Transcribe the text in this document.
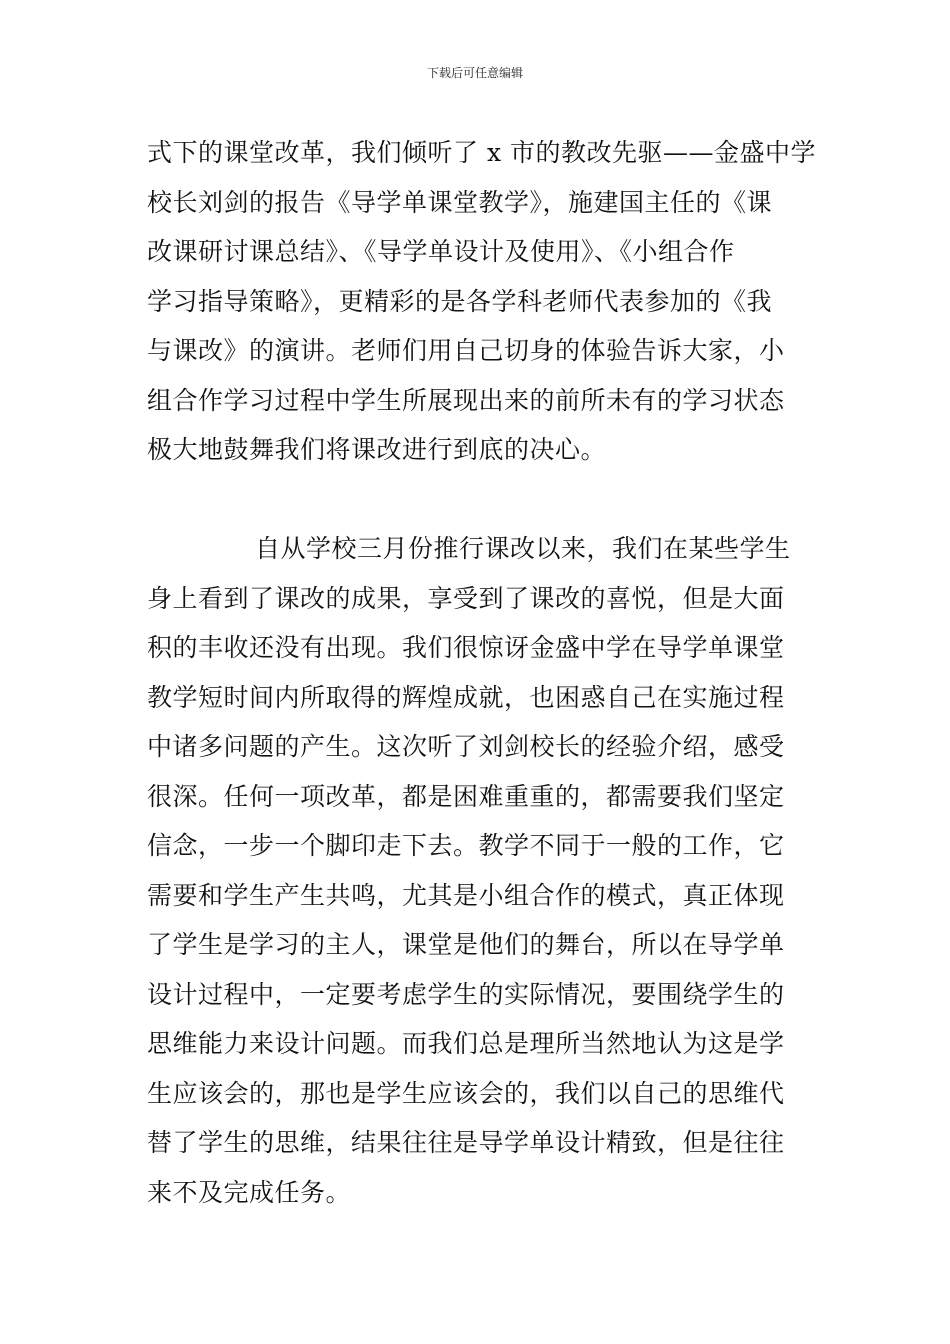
下载后可任意编辑
式下的课堂改革，我们倾听了 x 市的教改先驱——金盛中学
校长刘剑的报告《导学单课堂教学》，施建国主任的《课
改课研讨课总结》、《导学单设计及使用》、《小组合作
学习指导策略》，更精彩的是各学科老师代表参加的《我
与课改》的演讲。老师们用自己切身的体验告诉大家，小
组合作学习过程中学生所展现出来的前所未有的学习状态
极大地鼓舞我们将课改进行到底的决心。
自从学校三月份推行课改以来，我们在某些学生
身上看到了课改的成果，享受到了课改的喜悦，但是大面
积的丰收还没有出现。我们很惊讶金盛中学在导学单课堂
教学短时间内所取得的辉煌成就，也困惑自己在实施过程
中诸多问题的产生。这次听了刘剑校长的经验介绍，感受
很深。任何一项改革，都是困难重重的，都需要我们坚定
信念，一步一个脚印走下去。教学不同于一般的工作，它
需要和学生产生共鸣，尤其是小组合作的模式，真正体现
了学生是学习的主人，课堂是他们的舞台，所以在导学单
设计过程中，一定要考虑学生的实际情况，要围绕学生的
思维能力来设计问题。而我们总是理所当然地认为这是学
生应该会的，那也是学生应该会的，我们以自己的思维代
替了学生的思维，结果往往是导学单设计精致，但是往往
来不及完成任务。
